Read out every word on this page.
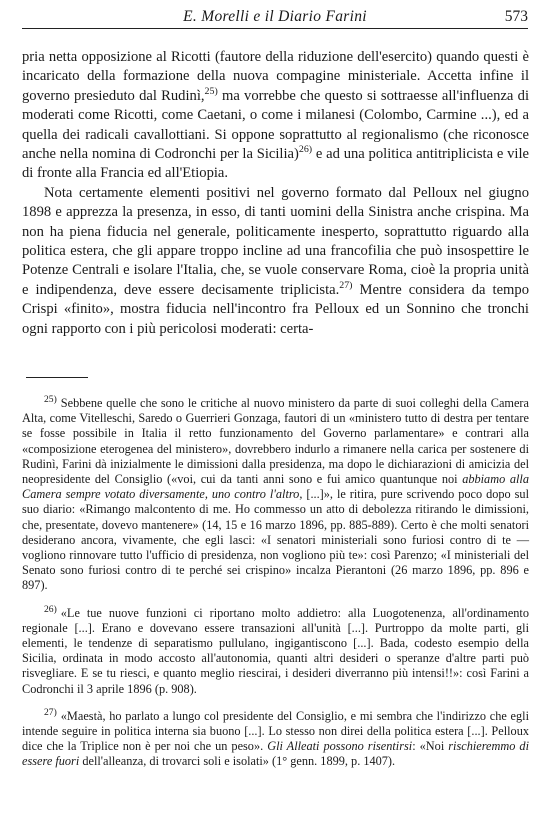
E. Morelli e il Diario Farini	573

pria netta opposizione al Ricotti (fautore della riduzione dell'esercito) quando questi è incaricato della formazione della nuova compagine ministeriale. Accetta infine il governo presieduto dal Rudinì,$^{25)}$ ma vorrebbe che questo si sottraesse all'influenza di moderati come Ricotti, come Caetani, o come i milanesi (Colombo, Carmine ...), ed a quella dei radicali cavallottiani. Si oppone soprattutto al regionalismo (che riconosce anche nella nomina di Codronchi per la Sicilia)$^{26)}$ e ad una politica antitriplicista e vile di fronte alla Francia ed all'Etiopia.

Nota certamente elementi positivi nel governo formato dal Pelloux nel giugno 1898 e apprezza la presenza, in esso, di tanti uomini della Sinistra anche crispina. Ma non ha piena fiducia nel generale, politicamente inesperto, soprattutto riguardo alla politica estera, che gli appare troppo incline ad una francofilia che può insospettire le Potenze Centrali e isolare l'Italia, che, se vuole conservare Roma, cioè la propria unità e indipendenza, deve essere decisamente triplicista.$^{27)}$ Mentre considera da tempo Crispi «finito», mostra fiducia nell'incontro fra Pelloux ed un Sonnino che tronchi ogni rapporto con i più pericolosi moderati: certa-

$^{25)}$ Sebbene quelle che sono le critiche al nuovo ministero da parte di suoi colleghi della Camera Alta, come Vitelleschi, Saredo o Guerrieri Gonzaga, fautori di un «ministero tutto di destra per tentare se fosse possibile in Italia il retto funzionamento del Governo parlamentare» e contrari alla «composizione eterogenea del ministero», dovrebbero indurlo a rimanere nella carica per sostenere di Rudinì, Farini dà inizialmente le dimissioni dalla presidenza, ma dopo le dichiarazioni di amicizia del neopresidente del Consiglio («voi, cui da tanti anni sono e fui amico quantunque noi abbiamo alla Camera sempre votato diversamente, uno contro l'altro, [...]», le ritira, pure scrivendo poco dopo sul suo diario: «Rimango malcontento di me. Ho commesso un atto di debolezza ritirando le dimissioni, che, presentate, dovevo mantenere» (14, 15 e 16 marzo 1896, pp. 885-889). Certo è che molti senatori desiderano ancora, vivamente, che egli lasci: «I senatori ministeriali sono furiosi contro di te — vogliono rinnovare tutto l'ufficio di presidenza, non vogliono più te»: così Parenzo; «I ministeriali del Senato sono furiosi contro di te perché sei crispino» incalza Pierantoni (26 marzo 1896, pp. 896 e 897).

$^{26)}$ «Le tue nuove funzioni ci riportano molto addietro: alla Luogotenenza, all'ordinamento regionale [...]. Erano e dovevano essere transazioni all'unità [...]. Purtroppo da molte parti, gli elementi, le tendenze di separatismo pullulano, ingigantiscono [...]. Bada, codesto esempio della Sicilia, ordinata in modo accosto all'autonomia, quanti altri desideri o speranze d'altre parti può risvegliare. E se tu riesci, e quanto meglio riescirai, i desideri diverranno più intensi!!»: così Farini a Codronchi il 3 aprile 1896 (p. 908).

$^{27)}$ «Maestà, ho parlato a lungo col presidente del Consiglio, e mi sembra che l'indirizzo che egli intende seguire in politica interna sia buono [...]. Lo stesso non direi della politica estera [...]. Pelloux dice che la Triplice non è per noi che un peso». Gli Alleati possono risentirsi: «Noi rischieremmo di essere fuori dell'alleanza, di trovarci soli e isolati» (1° genn. 1899, p. 1407).
